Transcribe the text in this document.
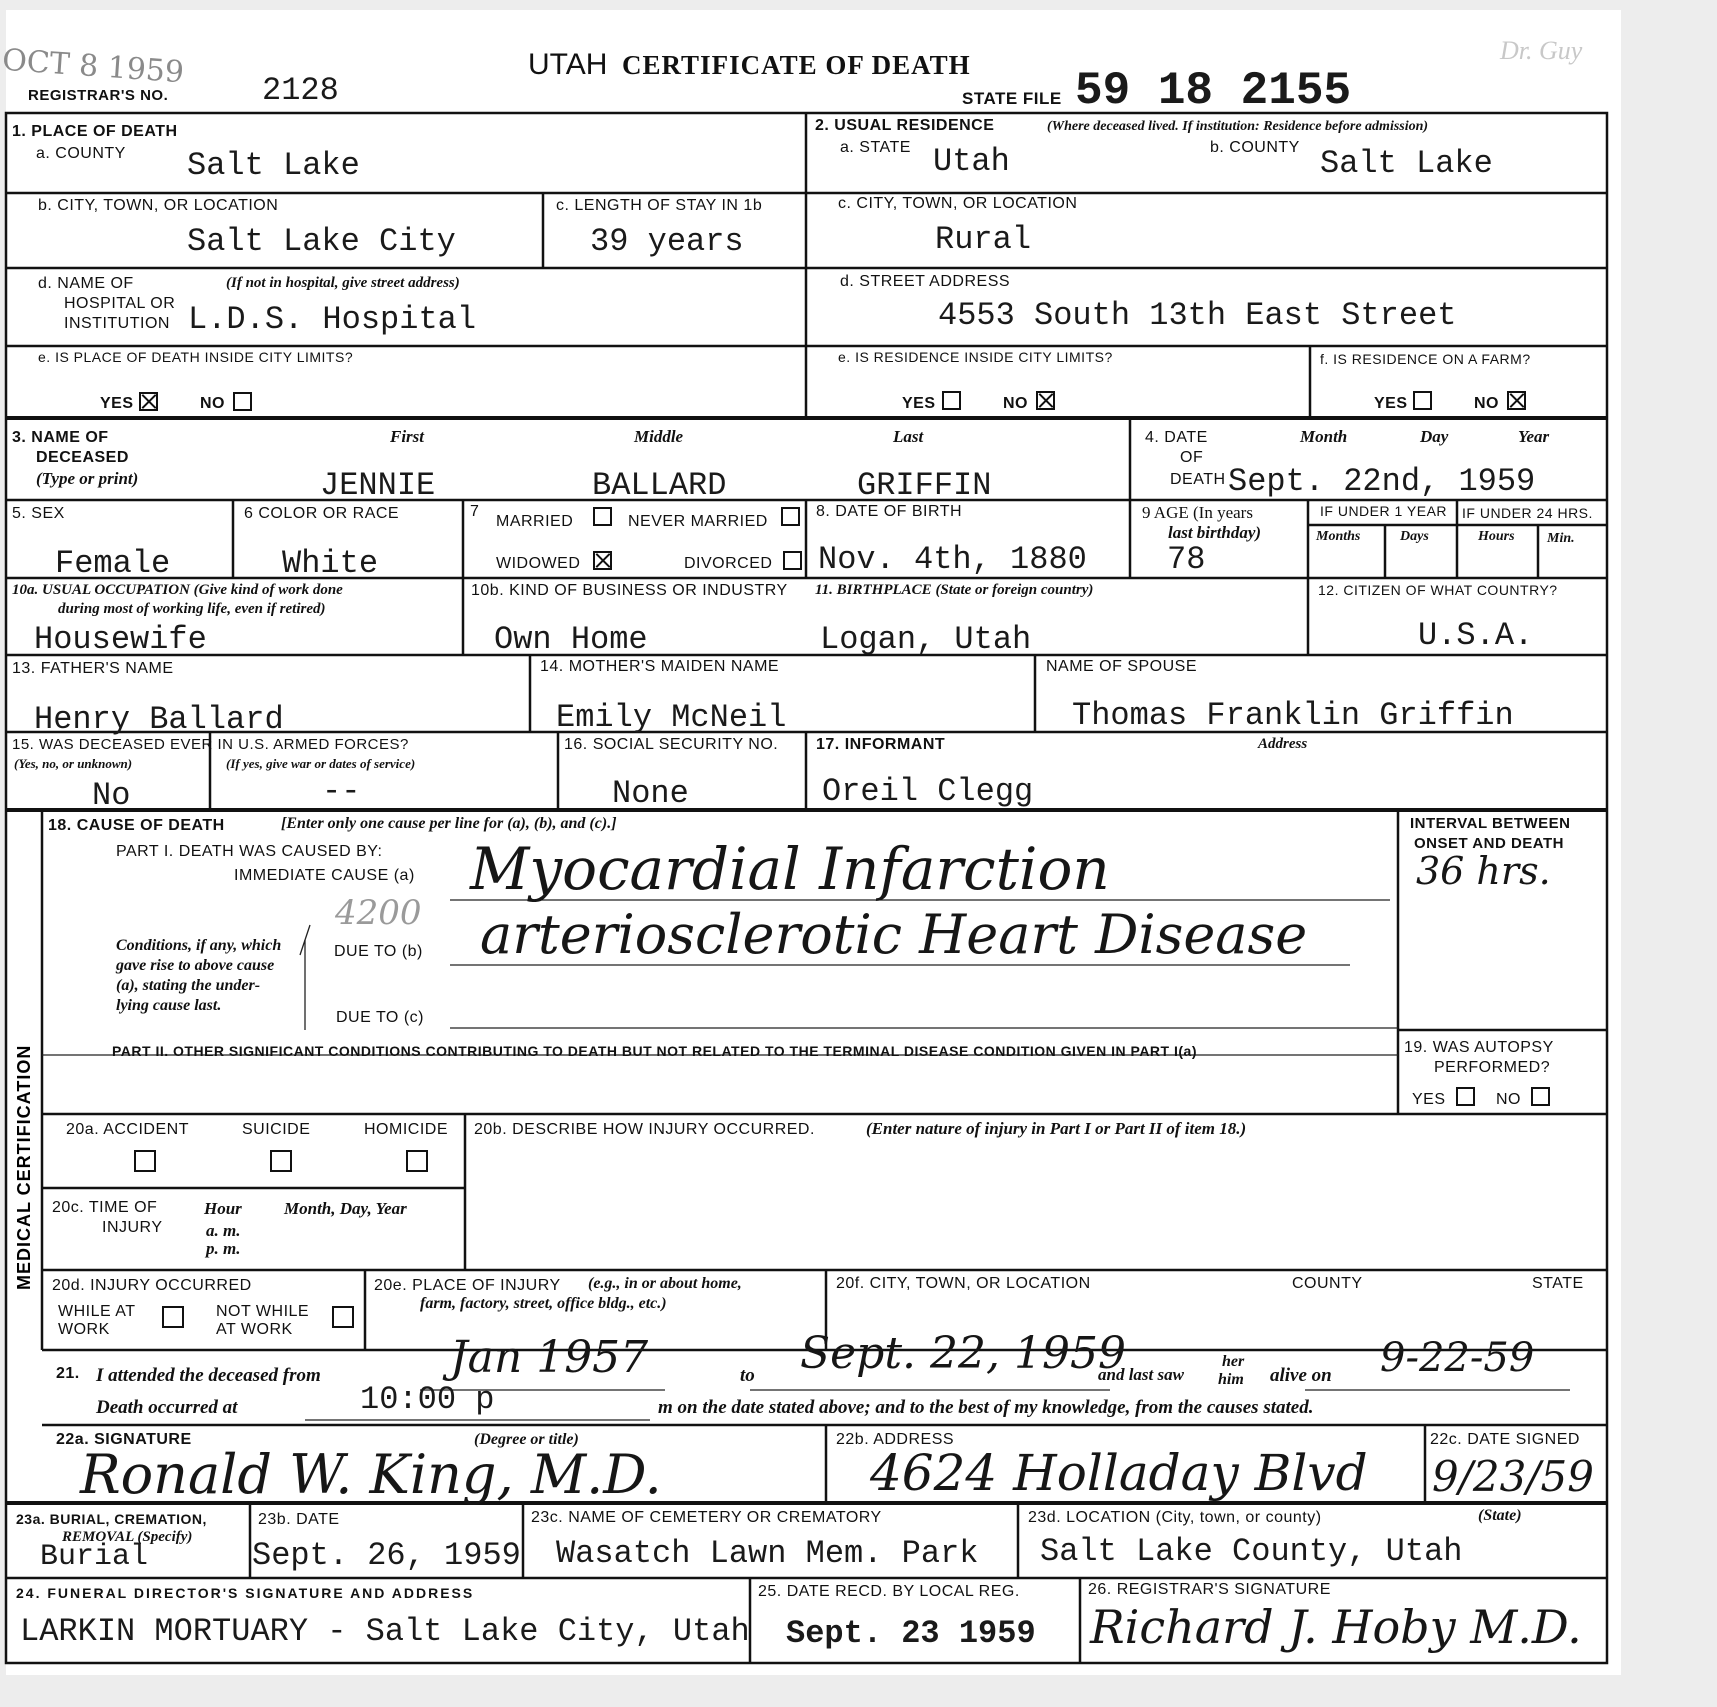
OCT 8 1959	Dr. Guy
REGISTRAR'S NO.	2128
UTAH CERTIFICATE OF DEATH
STATE FILE 59 18 2155
1. PLACE OF DEATH
a. COUNTY Salt Lake
2. USUAL RESIDENCE	(Where deceased lived. If institution: Residence before admission)
a. STATE Utah	b. COUNTY Salt Lake
b. CITY, TOWN, OR LOCATION
Salt Lake City
c. LENGTH OF STAY IN 1b
39 years
c. CITY, TOWN, OR LOCATION
Rural
d. NAME OF
HOSPITAL OR
INSTITUTION
(If not in hospital, give street address)
L.D.S. Hospital
d. STREET ADDRESS
4553 South 13th East Street
e. IS PLACE OF DEATH INSIDE CITY LIMITS?
YES	NO
e. IS RESIDENCE INSIDE CITY LIMITS?
YES	NO
f. IS RESIDENCE ON A FARM?
YES	NO
3. NAME OF
DECEASED
(Type or print)
First	Middle	Last
JENNIE	BALLARD	GRIFFIN
4. DATE
OF
DEATH
Month	Day	Year
Sept. 22nd, 1959
5. SEX
Female
6 COLOR OR RACE
White
7
MARRIED	NEVER MARRIED
WIDOWED	DIVORCED
8. DATE OF BIRTH
Nov. 4th, 1880
9 AGE (In years
last birthday)
78
IF UNDER 1 YEAR IF UNDER 24 HRS.
Months	Days	Hours Min.
10a. USUAL OCCUPATION (Give kind of work done
during most of working life, even if retired)
Housewife
10b. KIND OF BUSINESS OR INDUSTRY
Own Home
11. BIRTHPLACE (State or foreign country)
Logan, Utah
12. CITIZEN OF WHAT COUNTRY?
U.S.A.
13. FATHER'S NAME
Henry Ballard
14. MOTHER'S MAIDEN NAME
Emily McNeil
NAME OF SPOUSE
Thomas Franklin Griffin
15. WAS DECEASED EVER IN U.S. ARMED FORCES?
(Yes, no, or unknown)	(If yes, give war or dates of service)
No	--
16. SOCIAL SECURITY NO.
None
17. INFORMANT	Address
Oreil Clegg
MEDICAL CERTIFICATION
18. CAUSE OF DEATH	[Enter only one cause per line for (a), (b), and (c).]
PART I. DEATH WAS CAUSED BY:
IMMEDIATE CAUSE (a) Myocardial Infarction
4200
Conditions, if any, which gave rise to above cause (a), stating the under-lying cause last.
DUE TO (b) arteriosclerotic Heart Disease
DUE TO (c)
INTERVAL BETWEEN
ONSET AND DEATH
36 hrs.
PART II. OTHER SIGNIFICANT CONDITIONS CONTRIBUTING TO DEATH BUT NOT RELATED TO THE TERMINAL DISEASE CONDITION GIVEN IN PART I(a)	19. WAS AUTOPSY
PERFORMED?
YES	NO
20a. ACCIDENT	SUICIDE	HOMICIDE 20b. DESCRIBE HOW INJURY OCCURRED.	(Enter nature of injury in Part I or Part II of item 18.)
20c. TIME OF
INJURY
Hour
a. m.
p. m.
Month, Day, Year
20d. INJURY OCCURRED
WHILE AT
WORK
NOT WHILE
AT WORK
20e. PLACE OF INJURY (e.g., in or about home,
farm, factory, street, office bldg., etc.)
20f. CITY, TOWN, OR LOCATION	COUNTY	STATE
21. I attended the deceased from	Jan 1957	to Sept. 22, 1959
and last saw
her
him alive on 9-22-59
Death occurred at	10:00 p	m on the date stated above; and to the best of my knowledge, from the causes stated.
22a. SIGNATURE	(Degree or title)
Ronald W. King, M.D.
22b. ADDRESS
4624 Holladay Blvd
22c. DATE SIGNED
9/23/59
23a. BURIAL, CREMATION,
REMOVAL (Specify)
Burial
23b. DATE
Sept. 26, 1959
23c. NAME OF CEMETERY OR CREMATORY
Wasatch Lawn Mem. Park
23d. LOCATION (City, town, or county)	(State)
Salt Lake County, Utah
24. FUNERAL DIRECTOR'S SIGNATURE AND ADDRESS
LARKIN MORTUARY - Salt Lake City, Utah
25. DATE RECD. BY LOCAL REG.
Sept. 23 1959
26. REGISTRAR'S SIGNATURE
Richard J. Hoby M.D.
